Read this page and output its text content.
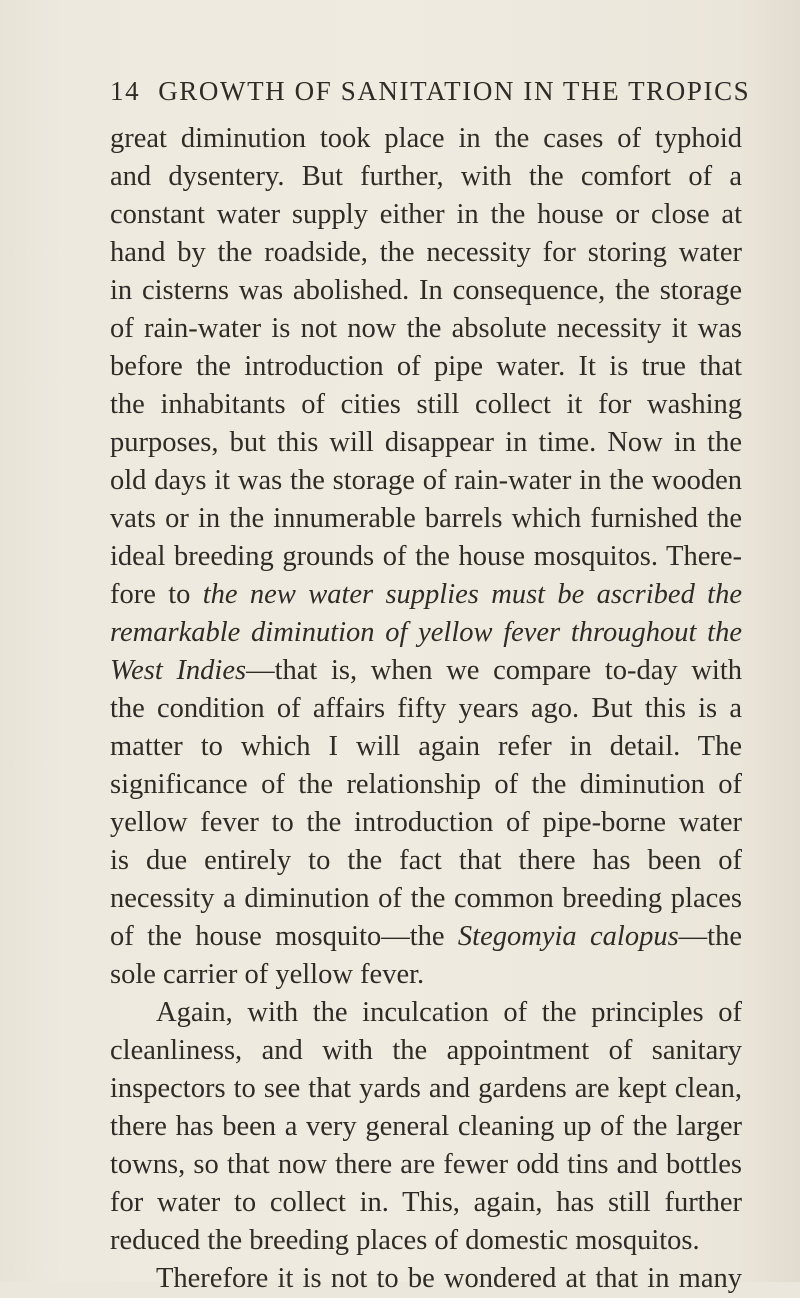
14 GROWTH OF SANITATION IN THE TROPICS
great diminution took place in the cases of typhoid
and dysentery. But further, with the comfort of a
constant water supply either in the house or close at
hand by the roadside, the necessity for storing water
in cisterns was abolished. In consequence, the storage
of rain-water is not now the absolute necessity it was
before the introduction of pipe water. It is true that
the inhabitants of cities still collect it for washing
purposes, but this will disappear in time. Now in the
old days it was the storage of rain-water in the wooden
vats or in the innumerable barrels which furnished the
ideal breeding grounds of the house mosquitos. There-
fore to the new water supplies must be ascribed the
remarkable diminution of yellow fever throughout the
West Indies—that is, when we compare to-day with
the condition of affairs fifty years ago. But this is a
matter to which I will again refer in detail. The
significance of the relationship of the diminution of
yellow fever to the introduction of pipe-borne water
is due entirely to the fact that there has been of
necessity a diminution of the common breeding places
of the house mosquito—the Stegomyia calopus—the
sole carrier of yellow fever.
Again, with the inculcation of the principles of
cleanliness, and with the appointment of sanitary
inspectors to see that yards and gardens are kept clean,
there has been a very general cleaning up of the larger
towns, so that now there are fewer odd tins and bottles
for water to collect in. This, again, has still further
reduced the breeding places of domestic mosquitos.
Therefore it is not to be wondered at that in many
